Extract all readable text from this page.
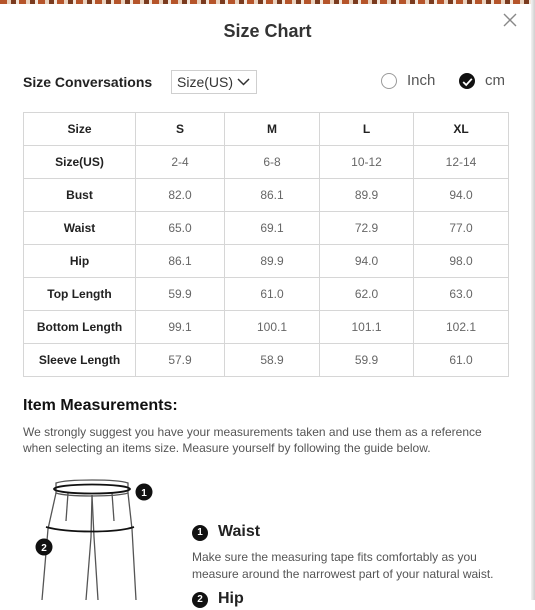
Size Chart
Size Conversations	Size(US)	Inch	cm
Size	S	M	L	XL
Size(US)	2-4	6-8	10-12	12-14
Bust	82.0	86.1	89.9	94.0
Waist	65.0	69.1	72.9	77.0
Hip	86.1	89.9	94.0	98.0
Top Length	59.9	61.0	62.0	63.0
Bottom Length	99.1	100.1	101.1	102.1
Sleeve Length	57.9	58.9	59.9	61.0
Item Measurements:
We strongly suggest you have your measurements taken and use them as a reference when selecting an items size. Measure yourself by following the guide below.
1
2
1 Waist
Make sure the measuring tape fits comfortably as you measure around the narrowest part of your natural waist.
2 Hip
